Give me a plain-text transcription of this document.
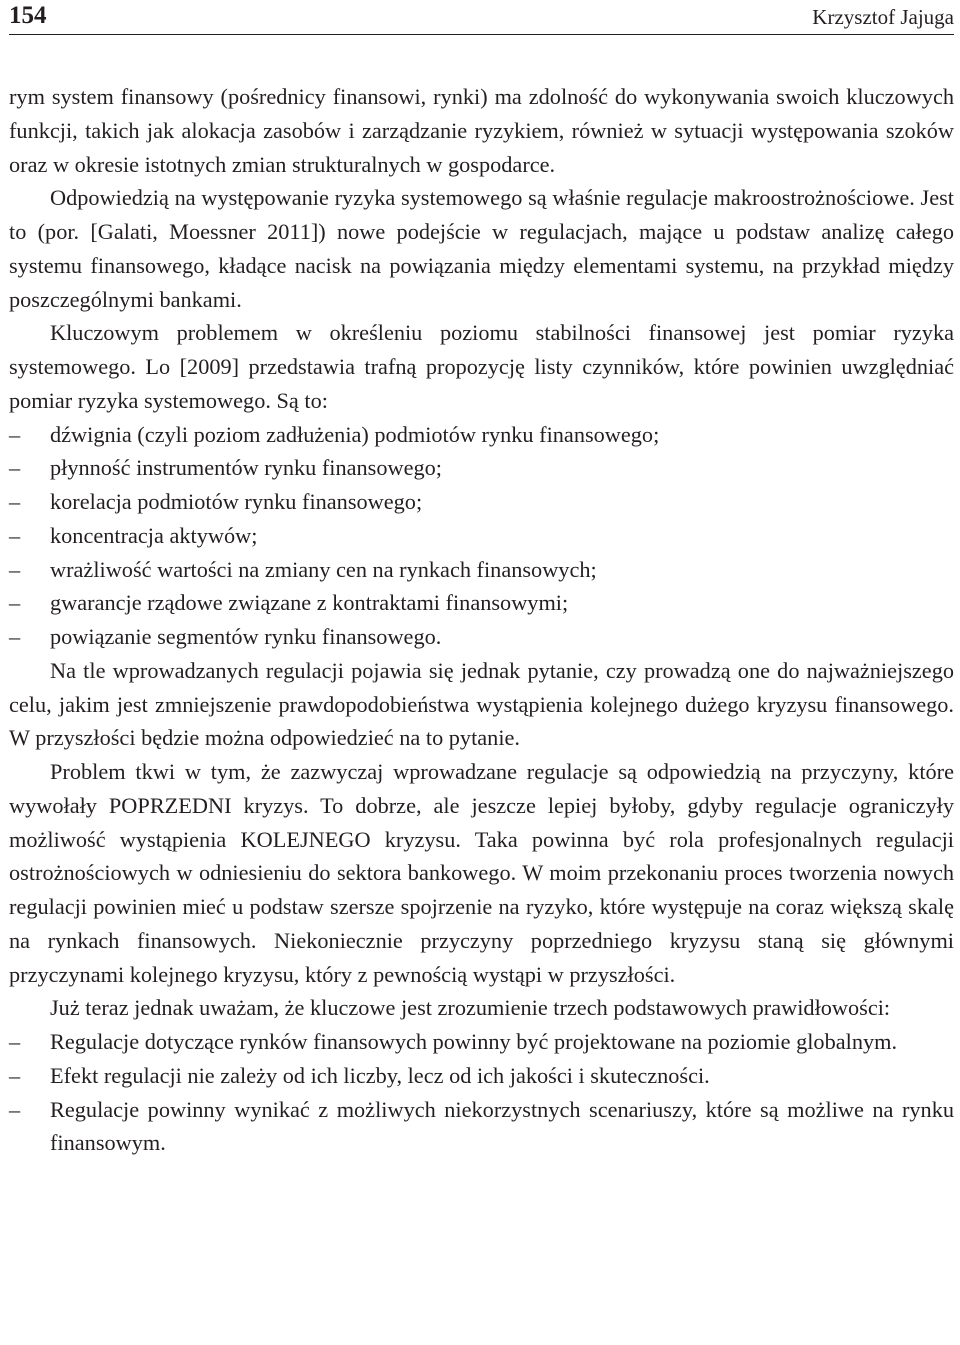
154	Krzysztof Jajuga

rym system finansowy (pośrednicy finansowi, rynki) ma zdolność do wykonywania swoich kluczowych funkcji, takich jak alokacja zasobów i zarządzanie ryzykiem, również w sytuacji występowania szoków oraz w okresie istotnych zmian strukturalnych w gospodarce.

Odpowiedzią na występowanie ryzyka systemowego są właśnie regulacje makroostrożnościowe. Jest to (por. [Galati, Moessner 2011]) nowe podejście w regulacjach, mające u podstaw analizę całego systemu finansowego, kładące nacisk na powiązania między elementami systemu, na przykład między poszczególnymi bankami.

Kluczowym problemem w określeniu poziomu stabilności finansowej jest pomiar ryzyka systemowego. Lo [2009] przedstawia trafną propozycję listy czynników, które powinien uwzględniać pomiar ryzyka systemowego. Są to:

–
dźwignia (czyli poziom zadłużenia) podmiotów rynku finansowego;
–
płynność instrumentów rynku finansowego;
–
korelacja podmiotów rynku finansowego;
–
koncentracja aktywów;
–
wrażliwość wartości na zmiany cen na rynkach finansowych;
–
gwarancje rządowe związane z kontraktami finansowymi;
–
powiązanie segmentów rynku finansowego.

Na tle wprowadzanych regulacji pojawia się jednak pytanie, czy prowadzą one do najważniejszego celu, jakim jest zmniejszenie prawdopodobieństwa wystąpienia kolejnego dużego kryzysu finansowego. W przyszłości będzie można odpowiedzieć na to pytanie.

Problem tkwi w tym, że zazwyczaj wprowadzane regulacje są odpowiedzią na przyczyny, które wywołały POPRZEDNI kryzys. To dobrze, ale jeszcze lepiej byłoby, gdyby regulacje ograniczyły możliwość wystąpienia KOLEJNEGO kryzysu. Taka powinna być rola profesjonalnych regulacji ostrożnościowych w odniesieniu do sektora bankowego. W moim przekonaniu proces tworzenia nowych regulacji powinien mieć u podstaw szersze spojrzenie na ryzyko, które występuje na coraz większą skalę na rynkach finansowych. Niekoniecznie przyczyny poprzedniego kryzysu staną się głównymi przyczynami kolejnego kryzysu, który z pewnością wystąpi w przyszłości.

Już teraz jednak uważam, że kluczowe jest zrozumienie trzech podstawowych prawidłowości:

–
Regulacje dotyczące rynków finansowych powinny być projektowane na poziomie globalnym.
–
Efekt regulacji nie zależy od ich liczby, lecz od ich jakości i skuteczności.
–
Regulacje powinny wynikać z możliwych niekorzystnych scenariuszy, które są możliwe na rynku finansowym.
